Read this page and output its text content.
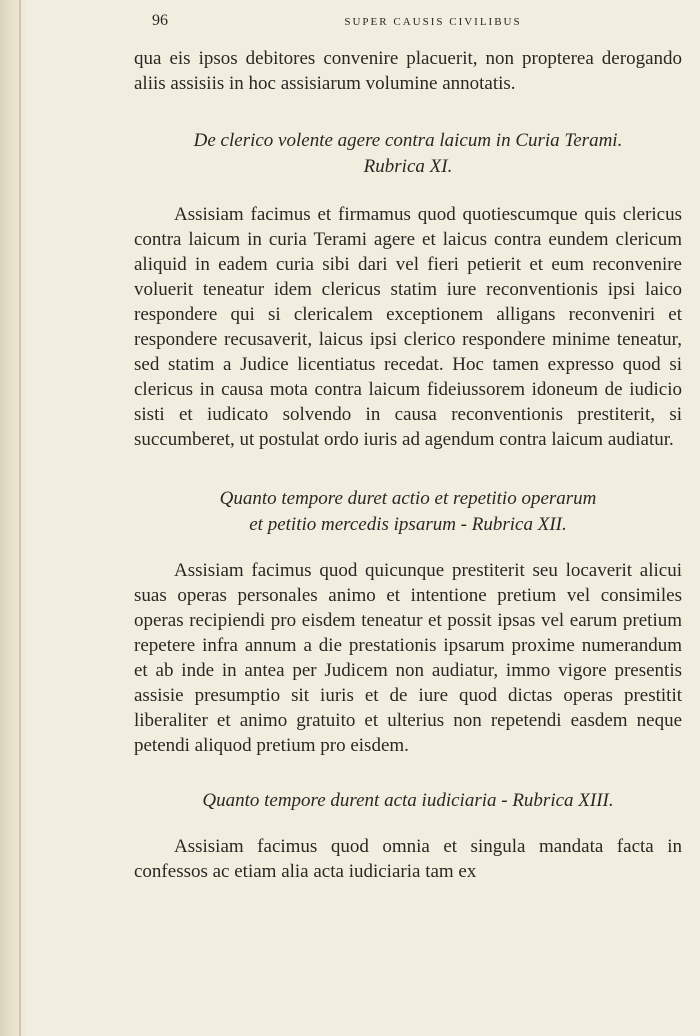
96	SUPER CAUSIS CIVILIBUS

qua eis ipsos debitores convenire placuerit, non propterea derogando aliis assisiis in hoc assisiarum volumine annotatis.

De clerico volente agere contra laicum in Curia Terami.
Rubrica XI.

Assisiam facimus et firmamus quod quotiescumque quis clericus contra laicum in curia Terami agere et laicus contra eundem clericum aliquid in eadem curia sibi dari vel fieri petierit et eum reconvenire voluerit teneatur idem clericus statim iure reconventionis ipsi laico respondere qui si clericalem exceptionem alligans reconveniri et respondere recusaverit, laicus ipsi clerico respondere minime teneatur, sed statim a Judice licentiatus recedat. Hoc tamen expresso quod si clericus in causa mota contra laicum fideiussorem idoneum de iudicio sisti et iudicato solvendo in causa reconventionis prestiterit, si succumberet, ut postulat ordo iuris ad agendum contra laicum audiatur.

Quanto tempore duret actio et repetitio operarum
et petitio mercedis ipsarum - Rubrica XII.

Assisiam facimus quod quicunque prestiterit seu locaverit alicui suas operas personales animo et intentione pretium vel consimiles operas recipiendi pro eisdem teneatur et possit ipsas vel earum pretium repetere infra annum a die prestationis ipsarum proxime numerandum et ab inde in antea per Judicem non audiatur, immo vigore presentis assisie presumptio sit iuris et de iure quod dictas operas prestitit liberaliter et animo gratuito et ulterius non repetendi easdem neque petendi aliquod pretium pro eisdem.

Quanto tempore durent acta iudiciaria - Rubrica XIII.

Assisiam facimus quod omnia et singula mandata facta in confessos ac etiam alia acta iudiciaria tam ex
